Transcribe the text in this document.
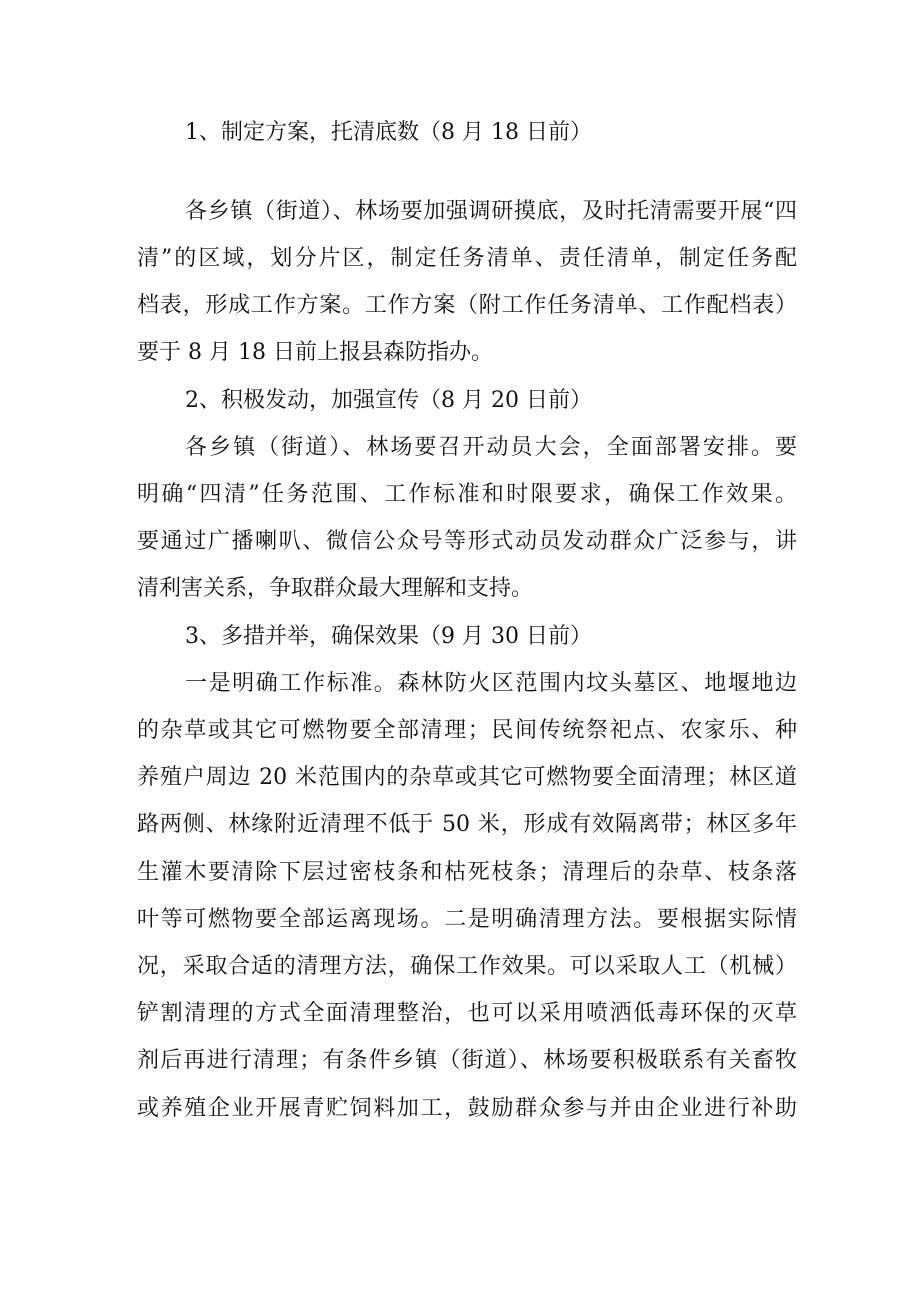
1、制定方案，托清底数（8 月 18 日前）

各乡镇（街道）、林场要加强调研摸底，及时托清需要开展“四

清”的区域，划分片区，制定任务清单、责任清单，制定任务配

档表，形成工作方案。工作方案（附工作任务清单、工作配档表）

要于 8 月 18 日前上报县森防指办。

2、积极发动，加强宣传（8 月 20 日前）

各乡镇（街道）、林场要召开动员大会，全面部署安排。要

明确“四清”任务范围、工作标准和时限要求，确保工作效果。

要通过广播喇叭、微信公众号等形式动员发动群众广泛参与，讲

清利害关系，争取群众最大理解和支持。

3、多措并举，确保效果（9 月 30 日前）

一是明确工作标准。森林防火区范围内坟头墓区、地堰地边

的杂草或其它可燃物要全部清理；民间传统祭祀点、农家乐、种

养殖户周边 20 米范围内的杂草或其它可燃物要全面清理；林区道

路两侧、林缘附近清理不低于 50 米，形成有效隔离带；林区多年

生灌木要清除下层过密枝条和枯死枝条；清理后的杂草、枝条落

叶等可燃物要全部运离现场。二是明确清理方法。要根据实际情

况，采取合适的清理方法，确保工作效果。可以采取人工（机械）

铲割清理的方式全面清理整治，也可以采用喷洒低毒环保的灭草

剂后再进行清理；有条件乡镇（街道）、林场要积极联系有关畜牧

或养殖企业开展青贮饲料加工，鼓励群众参与并由企业进行补助
